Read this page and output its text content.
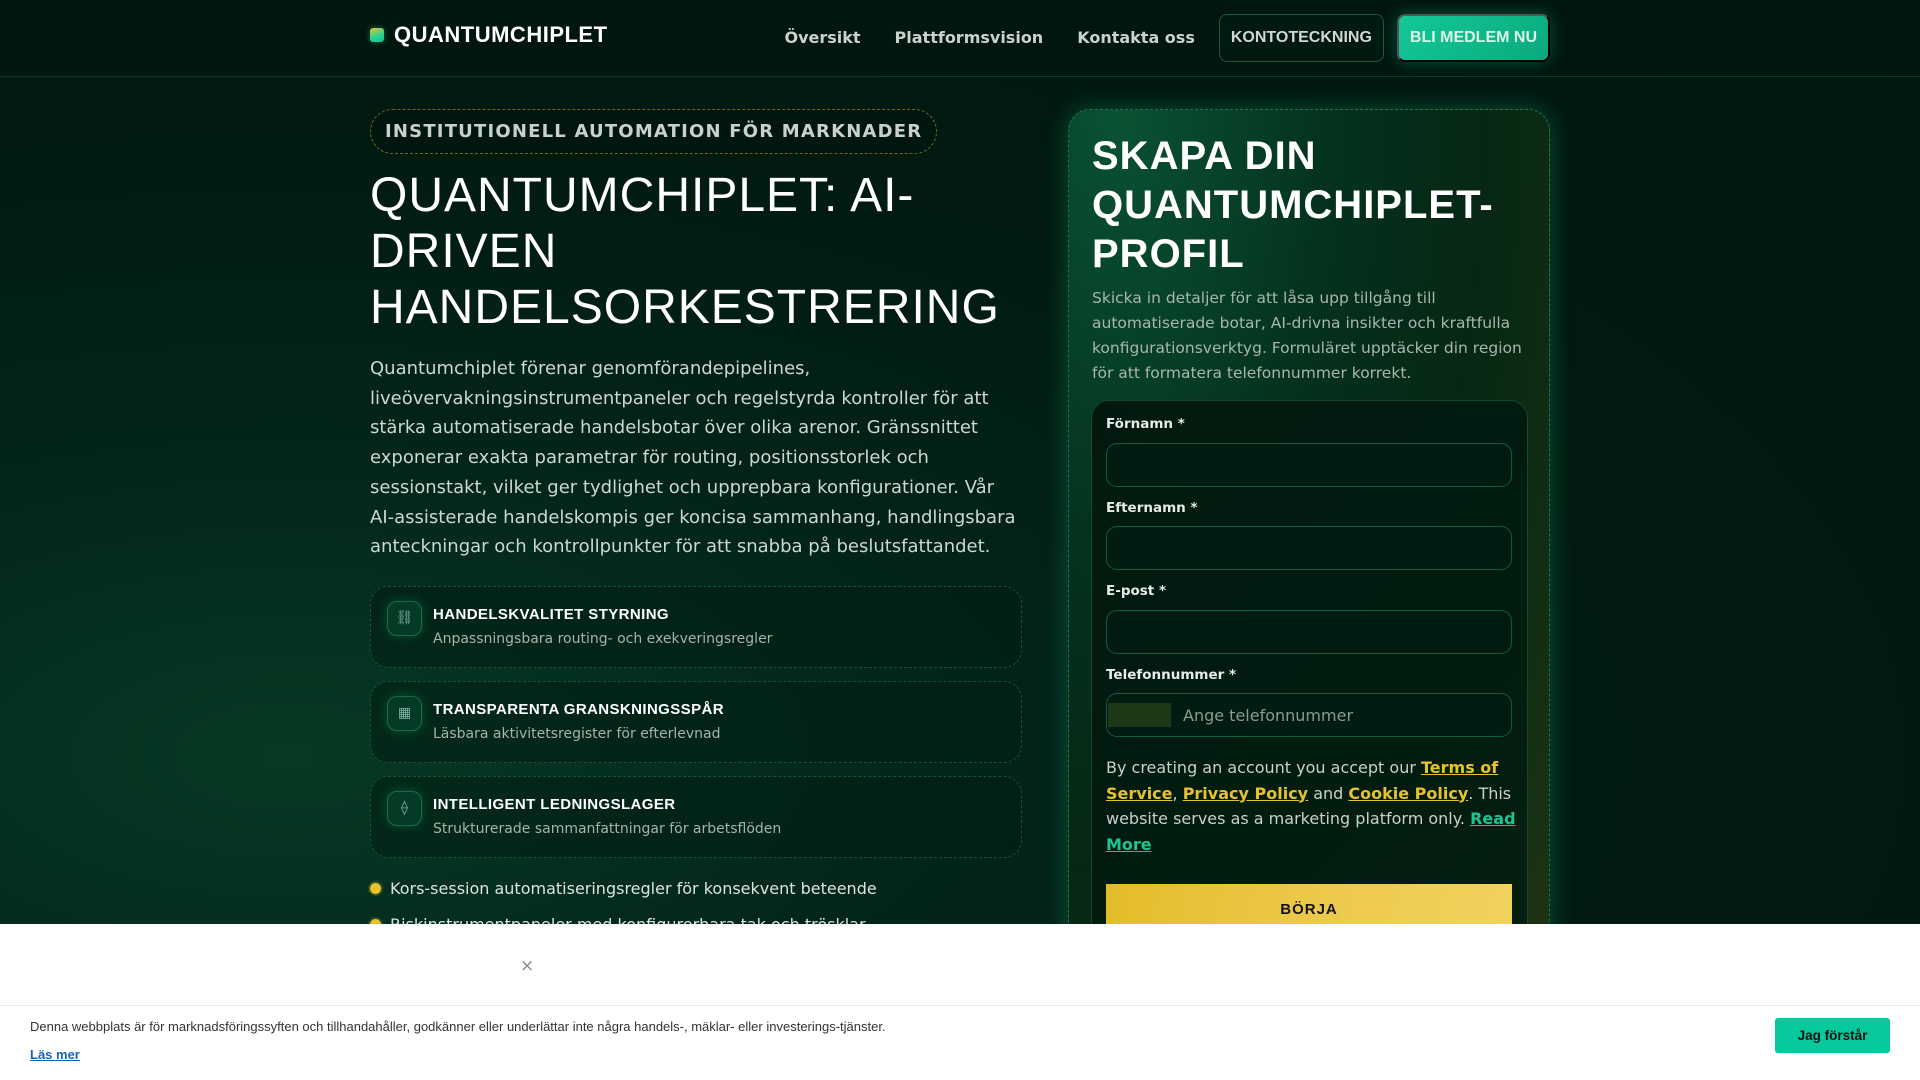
QUANTUMCHIPLET	Översikt Plattformsvision Kontakta oss	KONTOTECKNING	BLI MEDLEM NU
INSTITUTIONELL AUTOMATION FÖR MARKNADER
QUANTUMCHIPLET: AI-DRIVEN HANDELSORKESTRERING

Quantumchiplet förenar genomförandepipelines, liveövervakningsinstrumentpaneler och regelstyrda kontroller för att stärka automatiserade handelsbotar över olika arenor. Gränssnittet exponerar exakta parametrar för routing, positionsstorlek och sessionstakt, vilket ger tydlighet och upprepbara konfigurationer. Vår AI-assisterade handelskompis ger koncisa sammanhang, handlingsbara anteckningar och kontrollpunkter för att snabba på beslutsfattandet.

⛓	HANDELSKVALITET STYRNING
Anpassningsbara routing- och exekveringsregler
▦	TRANSPARENTA GRANSKNINGSSPÅR
Läsbara aktivitetsregister för efterlevnad
⟠	INTELLIGENT LEDNINGSLAGER
Strukturerade sammanfattningar för arbetsflöden
Kors-session automatiseringsregler för konsekvent beteende
SKAPA DIN QUANTUMCHIPLET-PROFIL

Skicka in detaljer för att låsa upp tillgång till automatiserade botar, AI-drivna insikter och kraftfulla konfigurationsverktyg. Formuläret upptäcker din region för att formatera telefonnummer korrekt.

Förnamn *
Efternamn *
E-post *
Telefonnummer *
Ange telefonnummer

By creating an account you accept our Terms of Service, Privacy Policy and Cookie Policy. This website serves as a marketing platform only. Read More

BÖRJA
×

Denna webbplats är för marknadsföringssyften och tillhandahåller, godkänner eller underlättar inte några handels-, mäklar- eller investerings-tjänster.

Läs mer
Jag förstår
